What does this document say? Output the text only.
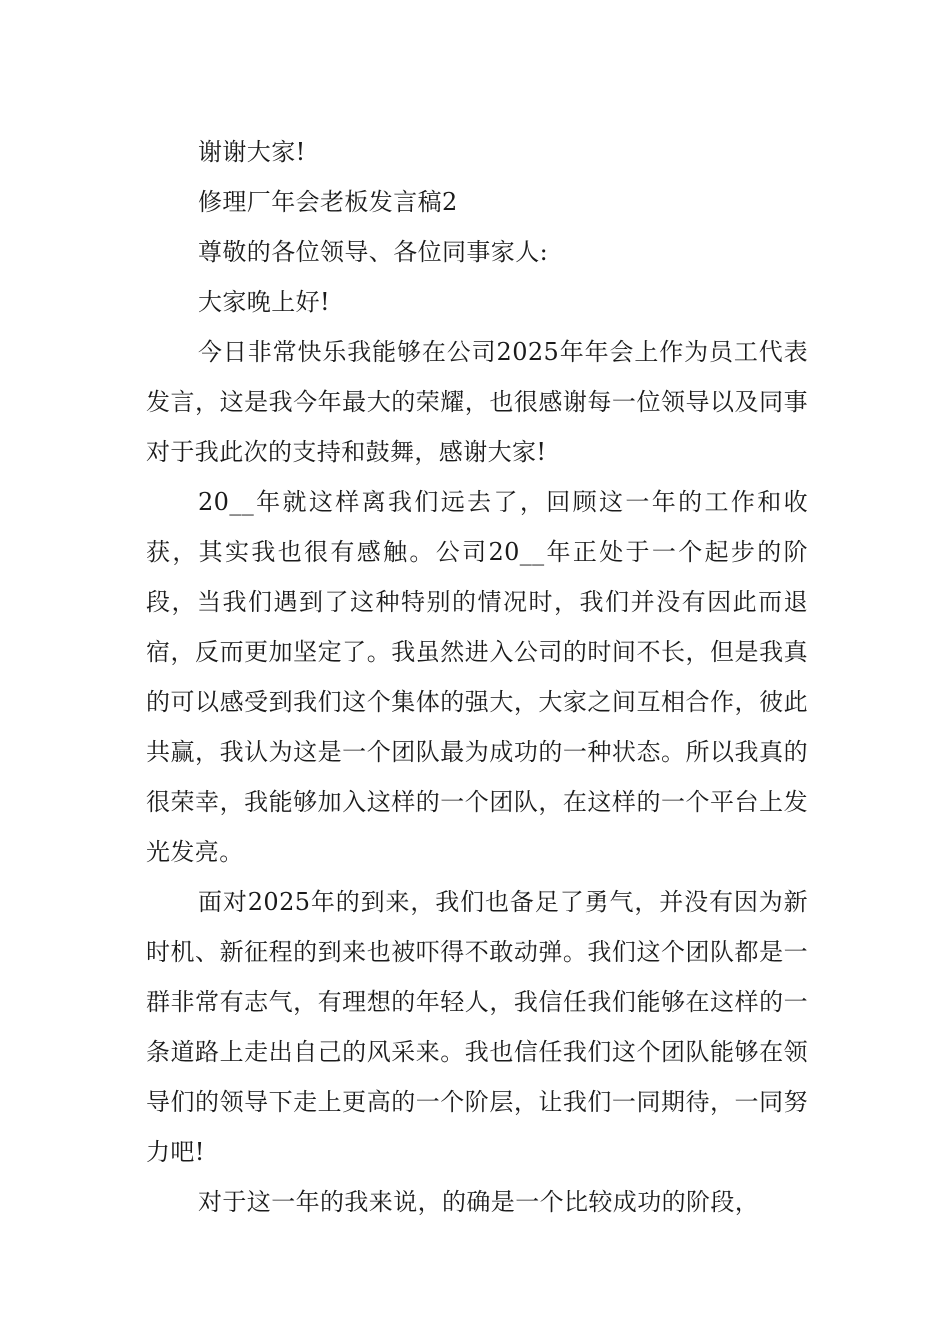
谢谢大家!

修理厂年会老板发言稿2

尊敬的各位领导、各位同事家人:

大家晚上好!

今日非常快乐我能够在公司2025年年会上作为员工代表发言，这是我今年最大的荣耀，也很感谢每一位领导以及同事对于我此次的支持和鼓舞，感谢大家!

20__年就这样离我们远去了，回顾这一年的工作和收获，其实我也很有感触。公司20__年正处于一个起步的阶段，当我们遇到了这种特别的情况时，我们并没有因此而退宿，反而更加坚定了。我虽然进入公司的时间不长，但是我真的可以感受到我们这个集体的强大，大家之间互相合作，彼此共赢，我认为这是一个团队最为成功的一种状态。所以我真的很荣幸，我能够加入这样的一个团队，在这样的一个平台上发光发亮。

面对2025年的到来，我们也备足了勇气，并没有因为新时机、新征程的到来也被吓得不敢动弹。我们这个团队都是一群非常有志气，有理想的年轻人，我信任我们能够在这样的一条道路上走出自己的风采来。我也信任我们这个团队能够在领导们的领导下走上更高的一个阶层，让我们一同期待，一同努力吧!

对于这一年的我来说，的确是一个比较成功的阶段，
